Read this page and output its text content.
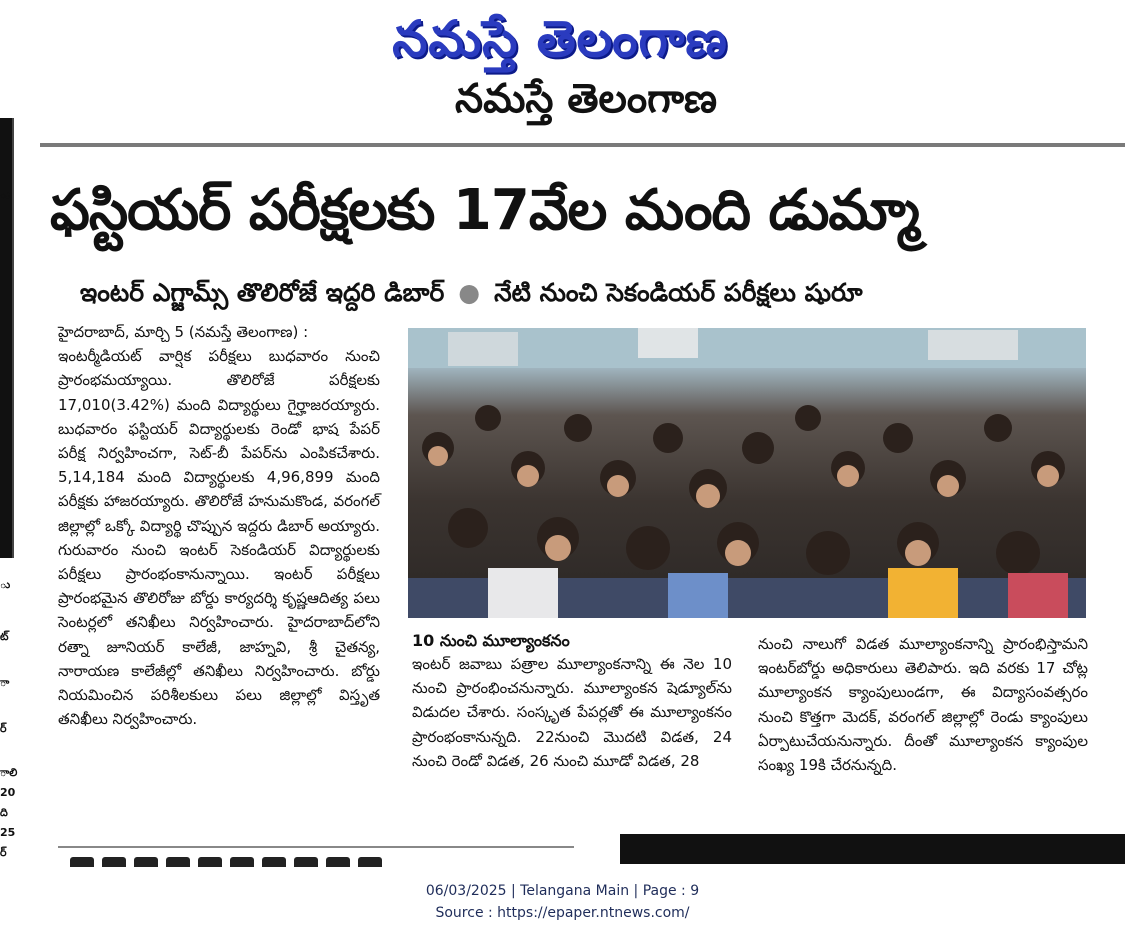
నమస్తే తెలంగాణ
నమస్తే తెలంగాణ
ు
ు
ట్
ా
ర్
ాలి
20
ది
25
ర్
ఫస్టియర్ పరీక్షలకు 17వేల మంది డుమ్మా
ఇంటర్ ఎగ్జామ్స్ తొలిరోజే ఇద్దరి డిబార్ ● నేటి నుంచి సెకండియర్ పరీక్షలు షురూ

హైదరాబాద్, మార్చి 5 (నమస్తే తెలంగాణ) :

ఇంటర్మీడియట్ వార్షిక పరీక్షలు బుధవారం నుంచి ప్రారంభమయ్యాయి. తొలిరోజే పరీక్షలకు 17,010(3.42%) మంది విద్యార్థులు గైర్హాజరయ్యారు. బుధవారం ఫస్టియర్ విద్యార్థులకు రెండో భాష పేపర్ పరీక్ష నిర్వహించగా, సెట్-బీ పేపర్‌ను ఎంపికచేశారు. 5,14,184 మంది విద్యార్థులకు 4,96,899 మంది పరీక్షకు హాజరయ్యారు. తొలిరోజే హనుమకొండ, వరంగల్ జిల్లాల్లో ఒక్కో విద్యార్థి చొప్పున ఇద్దరు డిబార్ అయ్యారు. గురువారం నుంచి ఇంటర్ సెకండియర్ విద్యార్థులకు పరీక్షలు ప్రారంభంకానున్నాయి. ఇంటర్ పరీక్షలు ప్రారంభమైన తొలిరోజు బోర్డు కార్యదర్శి కృష్ణఆదిత్య పలు సెంటర్లలో తనిఖీలు నిర్వహించారు. హైదరాబాద్‌లోని రత్నా జూనియర్ కాలేజీ, జాహ్నవి, శ్రీ చైతన్య, నారాయణ కాలేజీల్లో తనిఖీలు నిర్వహించారు. బోర్డు నియమించిన పరిశీలకులు పలు జిల్లాల్లో విస్తృత తనిఖీలు నిర్వహించారు.

10 నుంచి మూల్యాంకనం

ఇంటర్ జవాబు పత్రాల మూల్యాంకనాన్ని ఈ నెల 10 నుంచి ప్రారంభించనున్నారు. మూల్యాంకన షెడ్యూల్‌ను విడుదల చేశారు. సంస్కృత పేపర్లతో ఈ మూల్యాంకనం ప్రారంభంకానున్నది. 22నుంచి మొదటి విడత, 24 నుంచి రెండో విడత, 26 నుంచి మూడో విడత, 28

నుంచి నాలుగో విడత మూల్యాంకనాన్ని ప్రారంభిస్తామని ఇంటర్‌బోర్డు అధికారులు తెలిపారు. ఇది వరకు 17 చోట్ల మూల్యాంకన క్యాంపులుండగా, ఈ విద్యాసంవత్సరం నుంచి కొత్తగా మెదక్, వరంగల్ జిల్లాల్లో రెండు క్యాంపులు ఏర్పాటుచేయనున్నారు. దీంతో మూల్యాంకన క్యాంపుల సంఖ్య 19కి చేరనున్నది.

06/03/2025 | Telangana Main | Page : 9
Source : https://epaper.ntnews.com/
